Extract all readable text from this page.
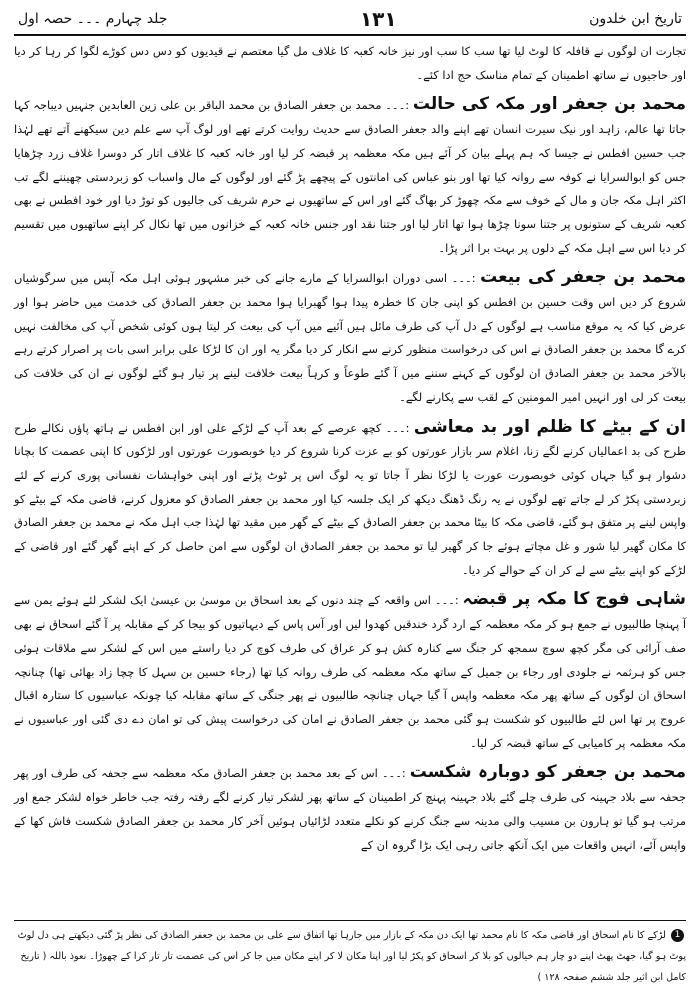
تاریخ ابن خلدون
۱۳۱
جلد چہارم ۔۔۔ حصہ اول

تجارت ان لوگوں نے قافلہ کا لوٹ لیا تھا سب کا سب اور نیز خانہ کعبہ کا غلاف مل گیا معتصم نے قیدیوں کو دس دس کوڑے لگوا کر رہا کر دیا اور حاجیوں نے ساتھ اطمینان کے تمام مناسک حج ادا کئے۔

محمد بن جعفر اور مکہ کی حالت :۔۔۔ محمد بن جعفر الصادق بن محمد الباقر بن علی زین العابدین جنہیں دیباجہ کہا جاتا تھا عالم، زاہد اور نیک سیرت انسان تھے اپنے والد جعفر الصادق سے حدیث روایت کرتے تھے اور لوگ آپ سے علم دین سیکھنے آتے تھے لہٰذا جب حسین افطس نے جیسا کہ ہم پہلے بیان کر آئے ہیں مکہ معظمہ پر قبضہ کر لیا اور خانہ کعبہ کا غلاف اتار کر دوسرا غلاف زرد چڑھایا جس کو ابوالسرایا نے کوفہ سے روانہ کیا تھا اور بنو عباس کی امانتوں کے پیچھے پڑ گئے اور لوگوں کے مال واسباب کو زبردستی چھیننے لگے تب اکثر اہل مکہ جان و مال کے خوف سے مکہ چھوڑ کر بھاگ گئے اور اس کے ساتھیوں نے حرم شریف کی جالیوں کو توڑ دیا اور خود افطس نے بھی کعبہ شریف کے ستونوں پر جتنا سونا چڑھا ہوا تھا اتار لیا اور جتنا نقد اور جنس خانہ کعبہ کے خزانوں میں تھا نکال کر اپنے ساتھیوں میں تقسیم کر دیا اس سے اہل مکہ کے دلوں پر بہت برا اثر پڑا۔

محمد بن جعفر کی بیعت :۔۔۔ اسی دوران ابوالسرایا کے مارے جانے کی خبر مشہور ہوئی اہل مکہ آپس میں سرگوشیاں شروع کر دیں اس وقت حسین بن افطس کو اپنی جان کا خطرہ پیدا ہوا گھبرایا ہوا محمد بن جعفر الصادق کی خدمت میں حاضر ہوا اور عرض کیا کہ یہ موقع مناسب ہے لوگوں کے دل آپ کی طرف مائل ہیں آئیے میں آپ کی بیعت کر لیتا ہوں کوئی شخص آپ کی مخالفت نہیں کرے گا محمد بن جعفر الصادق نے اس کی درخواست منظور کرنے سے انکار کر دیا مگر یہ اور ان کا لڑکا علی برابر اسی بات پر اصرار کرتے رہے بالآخر محمد بن جعفر الصادق ان لوگوں کے کہنے سننے میں آ گئے طوعاً و کرہاً بیعت خلافت لینے پر تیار ہو گئے لوگوں نے ان کی خلافت کی بیعت کر لی اور انہیں امیر المومنین کے لقب سے پکارنے لگے۔

ان کے بیٹے کا ظلم اور بد معاشی :۔۔۔ کچھ عرصے کے بعد آپ کے لڑکے علی اور ابن افطس نے ہاتھ پاؤں نکالے طرح طرح کی بد اعمالیاں کرنے لگے زنا، اغلام سر بازار عورتوں کو بے عزت کرنا شروع کر دیا خوبصورت عورتوں اور لڑکوں کا اپنی عصمت کا بچانا دشوار ہو گیا جہاں کوئی خوبصورت عورت یا لڑکا نظر آ جاتا تو یہ لوگ اس پر ٹوٹ پڑتے اور اپنی خواہشات نفسانی پوری کرنے کے لئے زبردستی پکڑ کر لے جاتے تھے لوگوں نے یہ رنگ ڈھنگ دیکھ کر ایک جلسہ کیا اور محمد بن جعفر الصادق کو معزول کرنے، قاضی مکہ کے بیٹے کو واپس لینے پر متفق ہو گئے، قاضی مکہ کا بیٹا محمد بن جعفر الصادق کے بیٹے کے گھر میں مقید تھا لہٰذا جب اہل مکہ نے محمد بن جعفر الصادق کا مکان گھیر لیا شور و غل مچاتے ہوئے جا کر گھیر لیا تو محمد بن جعفر الصادق ان لوگوں سے امن حاصل کر کے اپنے گھر گئے اور قاضی کے لڑکے کو اپنے بیٹے سے لے کر ان کے حوالے کر دیا۔

شاہی فوج کا مکہ پر قبضہ :۔۔۔ اس واقعہ کے چند دنوں کے بعد اسحاق بن موسیٰ بن عیسیٰ ایک لشکر لئے ہوئے یمن سے آ پہنچا طالبیوں نے جمع ہو کر مکہ معظمہ کے ارد گرد خندقیں کھدوا لیں اور آس پاس کے دیہاتیوں کو بیجا کر کے مقابلہ پر آ گئے اسحاق نے بھی صف آرائی کی مگر کچھ سوچ سمجھ کر جنگ سے کنارہ کش ہو کر عراق کی طرف کوچ کر دیا راستے میں اس کے لشکر سے ملاقات ہوئی جس کو ہرثمہ نے جلودی اور رجاء بن جمیل کے ساتھ مکہ معظمہ کی طرف روانہ کیا تھا (رجاء حسین بن سہل کا چچا زاد بھائی تھا) چنانچہ اسحاق ان لوگوں کے ساتھ پھر مکہ معظمہ واپس آ گیا جہاں چنانچہ طالبیوں نے پھر جنگی کے ساتھ مقابلہ کیا چونکہ عباسیوں کا ستارہ اقبال عروج پر تھا اس لئے طالبیوں کو شکست ہو گئی محمد بن جعفر الصادق نے امان کی درخواست پیش کی تو امان دے دی گئی اور عباسیوں نے مکہ معظمہ پر کامیابی کے ساتھ قبضہ کر لیا۔

محمد بن جعفر کو دوبارہ شکست :۔۔۔ اس کے بعد محمد بن جعفر الصادق مکہ معظمہ سے جحفہ کی طرف اور پھر جحفہ سے بلاد جہینہ کی طرف چلے گئے بلاد جہینہ پہنچ کر اطمینان کے ساتھ پھر لشکر تیار کرنے لگے رفتہ رفتہ جب خاطر خواہ لشکر جمع اور مرتب ہو گیا تو ہارون بن مسیب والی مدینہ سے جنگ کرنے کو نکلے متعدد لڑائیاں ہوئیں آخر کار محمد بن جعفر الصادق شکست فاش کھا کے واپس آئے، انہیں واقعات میں ایک آنکھ جاتی رہی ایک بڑا گروہ ان کے

1 لڑکے کا نام اسحاق اور قاضی مکہ کا نام محمد تھا ایک دن مکہ کے بازار میں جارہا تھا اتفاق سے علی بن محمد بن جعفر الصادق کی نظر پڑ گئی دیکھتے ہی دل لوٹ پوٹ ہو گیا، جھٹ پھٹ اپنے دو چار ہم خیالوں کو بلا کر اسحاق کو پکڑ لیا اور اپنا مکان لا کر اپنے مکان میں جا کر اس کی عصمت تار تار کرا کے چھوڑا۔ نعوذ باللہ ( تاریخ کامل ابن اثیر جلد ششم صفحہ ۱۲۸ )
